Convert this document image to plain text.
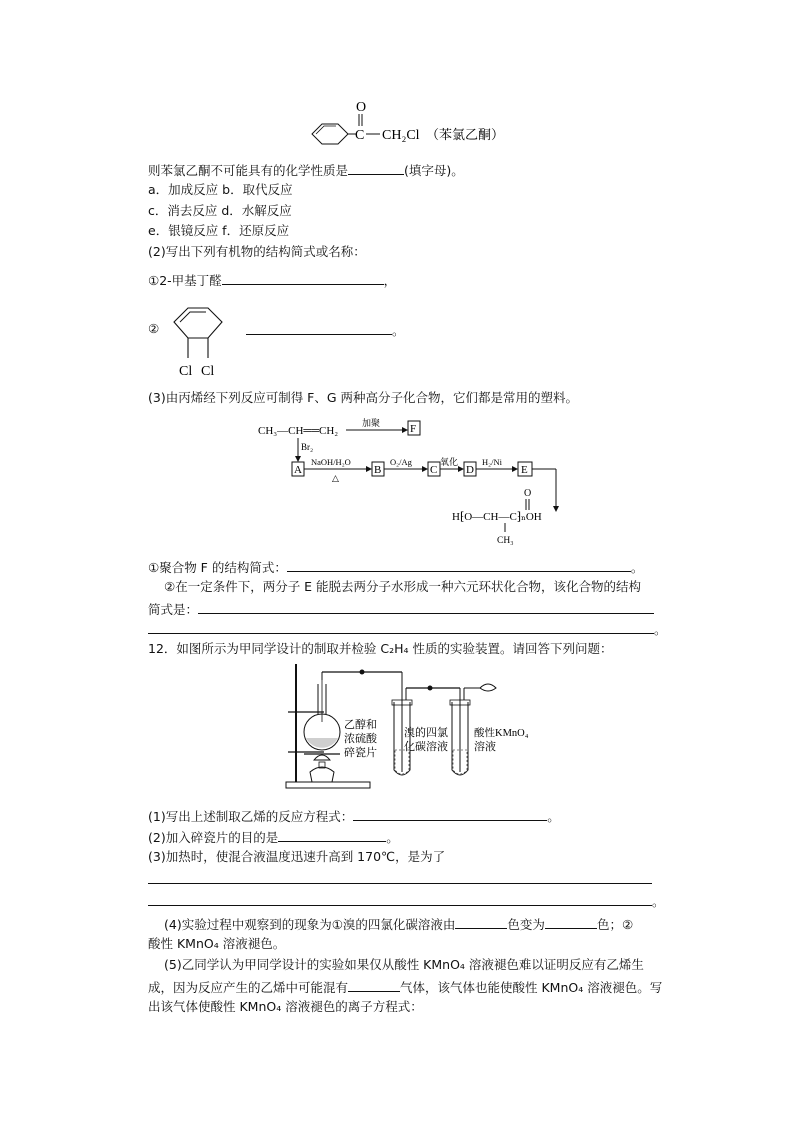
O
C CH₂Cl （苯氯乙酮）
则苯氯乙酮不可能具有的化学性质是	(填字母)。
a．加成反应 b．取代反应
c．消去反应 d．水解反应
e．银镜反应 f．还原反应
(2)写出下列有机物的结构简式或名称：
①2-甲基丁醛	，
②
Cl Cl
。
(3)由丙烯经下列反应可制得 F、G 两种高分子化合物，它们都是常用的塑料。
CH₃—CH══CH₂
加聚	F
Br₂
A
NaOH/H₂O
△
B
O₂/Ag
C
氧化
D
H₂/Ni
E
O
H⁅O—CH—C⁆ₙOH
CH₃
①聚合物 F 的结构简式：	。
②在一定条件下，两分子 E 能脱去两分子水形成一种六元环状化合物，该化合物的结构
简式是：
。
12．如图所示为甲同学设计的制取并检验 C₂H₄ 性质的实验装置。请回答下列问题：
乙醇和
浓硫酸
碎瓷片
溴的四氯
化碳溶液
酸性KMnO₄
溶液
(1)写出上述制取乙烯的反应方程式：	。
(2)加入碎瓷片的目的是	。
(3)加热时，使混合液温度迅速升高到 170℃，是为了
。
(4)实验过程中观察到的现象为①溴的四氯化碳溶液由	色变为	色；②
酸性 KMnO₄ 溶液褪色。
(5)乙同学认为甲同学设计的实验如果仅从酸性 KMnO₄ 溶液褪色难以证明反应有乙烯生
成，因为反应产生的乙烯中可能混有	气体，该气体也能使酸性 KMnO₄ 溶液褪色。写
出该气体使酸性 KMnO₄ 溶液褪色的离子方程式：
